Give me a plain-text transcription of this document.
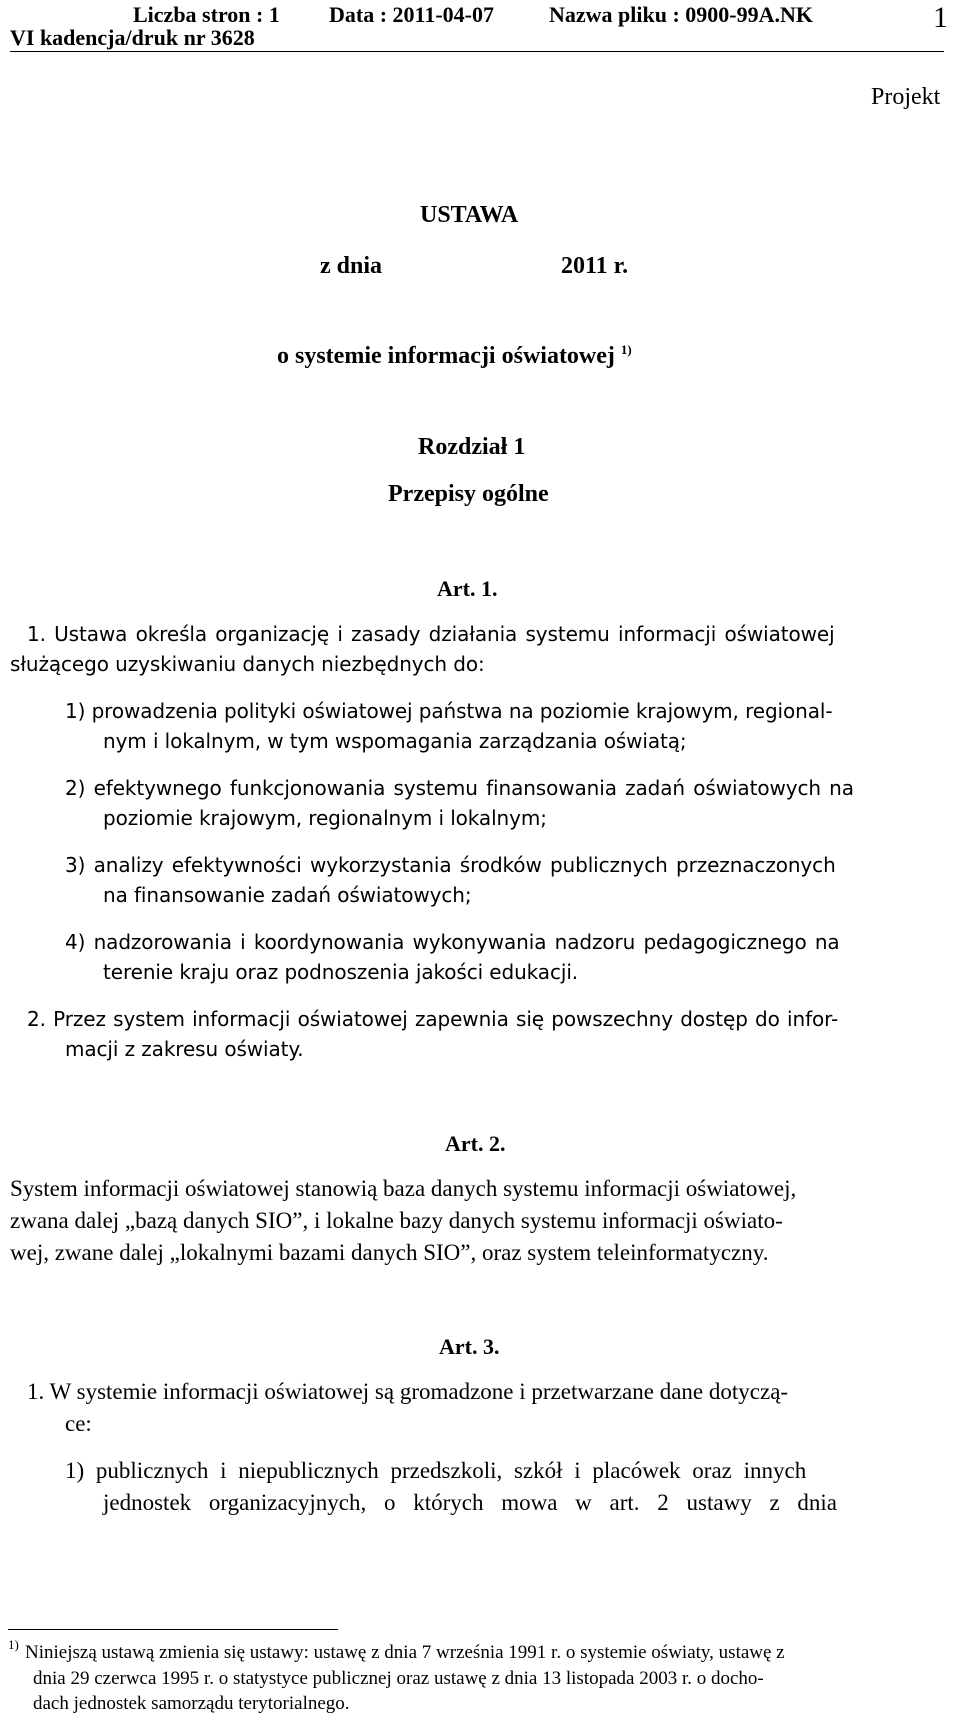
Liczba stron : 1 Data : 2011-04-07	Nazwa pliku : 0900-99A.NK	1
VI kadencja/druk nr 3628
Projekt
USTAWA
z dnia	2011 r.
o systemie informacji oświatowej $^{1)}$
Rozdział 1
Przepisy ogólne
Art. 1.
1. Ustawa określa organizację i zasady działania systemu informacji oświatowej
służącego uzyskiwaniu danych niezbędnych do:
1) prowadzenia polityki oświatowej państwa na poziomie krajowym, regional-
nym i lokalnym, w tym wspomagania zarządzania oświatą;
2) efektywnego funkcjonowania systemu finansowania zadań oświatowych na
poziomie krajowym, regionalnym i lokalnym;
3) analizy efektywności wykorzystania środków publicznych przeznaczonych
na finansowanie zadań oświatowych;
4) nadzorowania i koordynowania wykonywania nadzoru pedagogicznego na
terenie kraju oraz podnoszenia jakości edukacji.
2. Przez system informacji oświatowej zapewnia się powszechny dostęp do infor-
macji z zakresu oświaty.
Art. 2.
System informacji oświatowej stanowią baza danych systemu informacji oświatowej,
zwana dalej „bazą danych SIO”, i lokalne bazy danych systemu informacji oświato-
wej, zwane dalej „lokalnymi bazami danych SIO”, oraz system teleinformatyczny.
Art. 3.
1. W systemie informacji oświatowej są gromadzone i przetwarzane dane dotyczą-
ce:
1) publicznych i niepublicznych przedszkoli, szkół i placówek oraz innych
jednostek organizacyjnych, o których mowa w art. 2 ustawy z dnia
1) Niniejszą ustawą zmienia się ustawy: ustawę z dnia 7 września 1991 r. o systemie oświaty, ustawę z
dnia 29 czerwca 1995 r. o statystyce publicznej oraz ustawę z dnia 13 listopada 2003 r. o docho-
dach jednostek samorządu terytorialnego.
